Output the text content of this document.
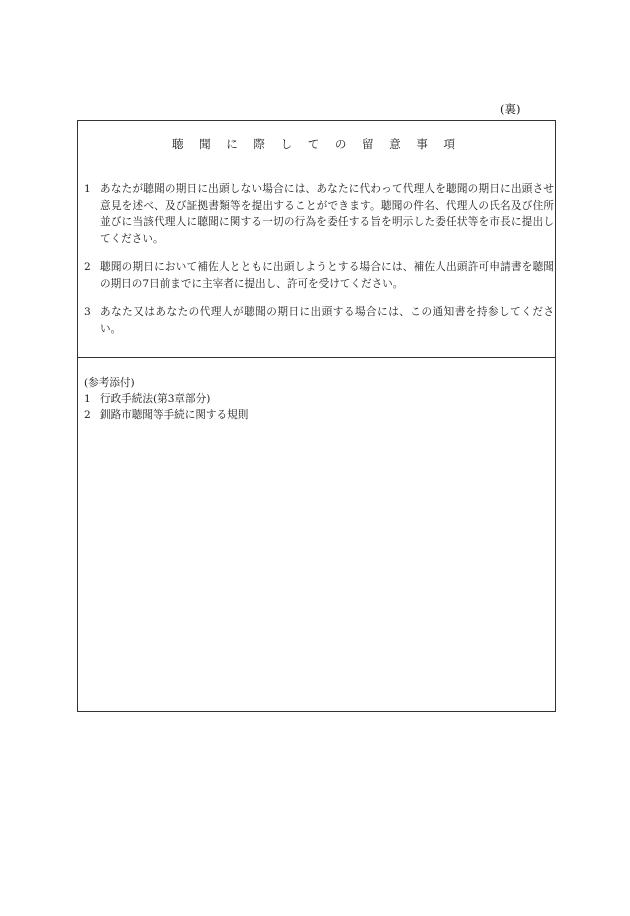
(裏)
聴 聞 に 際 し て の 留 意 事 項
1 あなたが聴聞の期日に出頭しない場合には、あなたに代わって代理人を聴聞の期日に出頭させ意見を述べ、及び証拠書類等を提出することができます。聴聞の件名、代理人の氏名及び住所並びに当該代理人に聴聞に関する一切の行為を委任する旨を明示した委任状等を市長に提出してください。
2 聴聞の期日において補佐人とともに出頭しようとする場合には、補佐人出頭許可申請書を聴聞の期日の7日前までに主宰者に提出し、許可を受けてください。
3 あなた又はあなたの代理人が聴聞の期日に出頭する場合には、この通知書を持参してください。
(参考添付)
1 行政手続法(第3章部分)
2 釧路市聴聞等手続に関する規則
